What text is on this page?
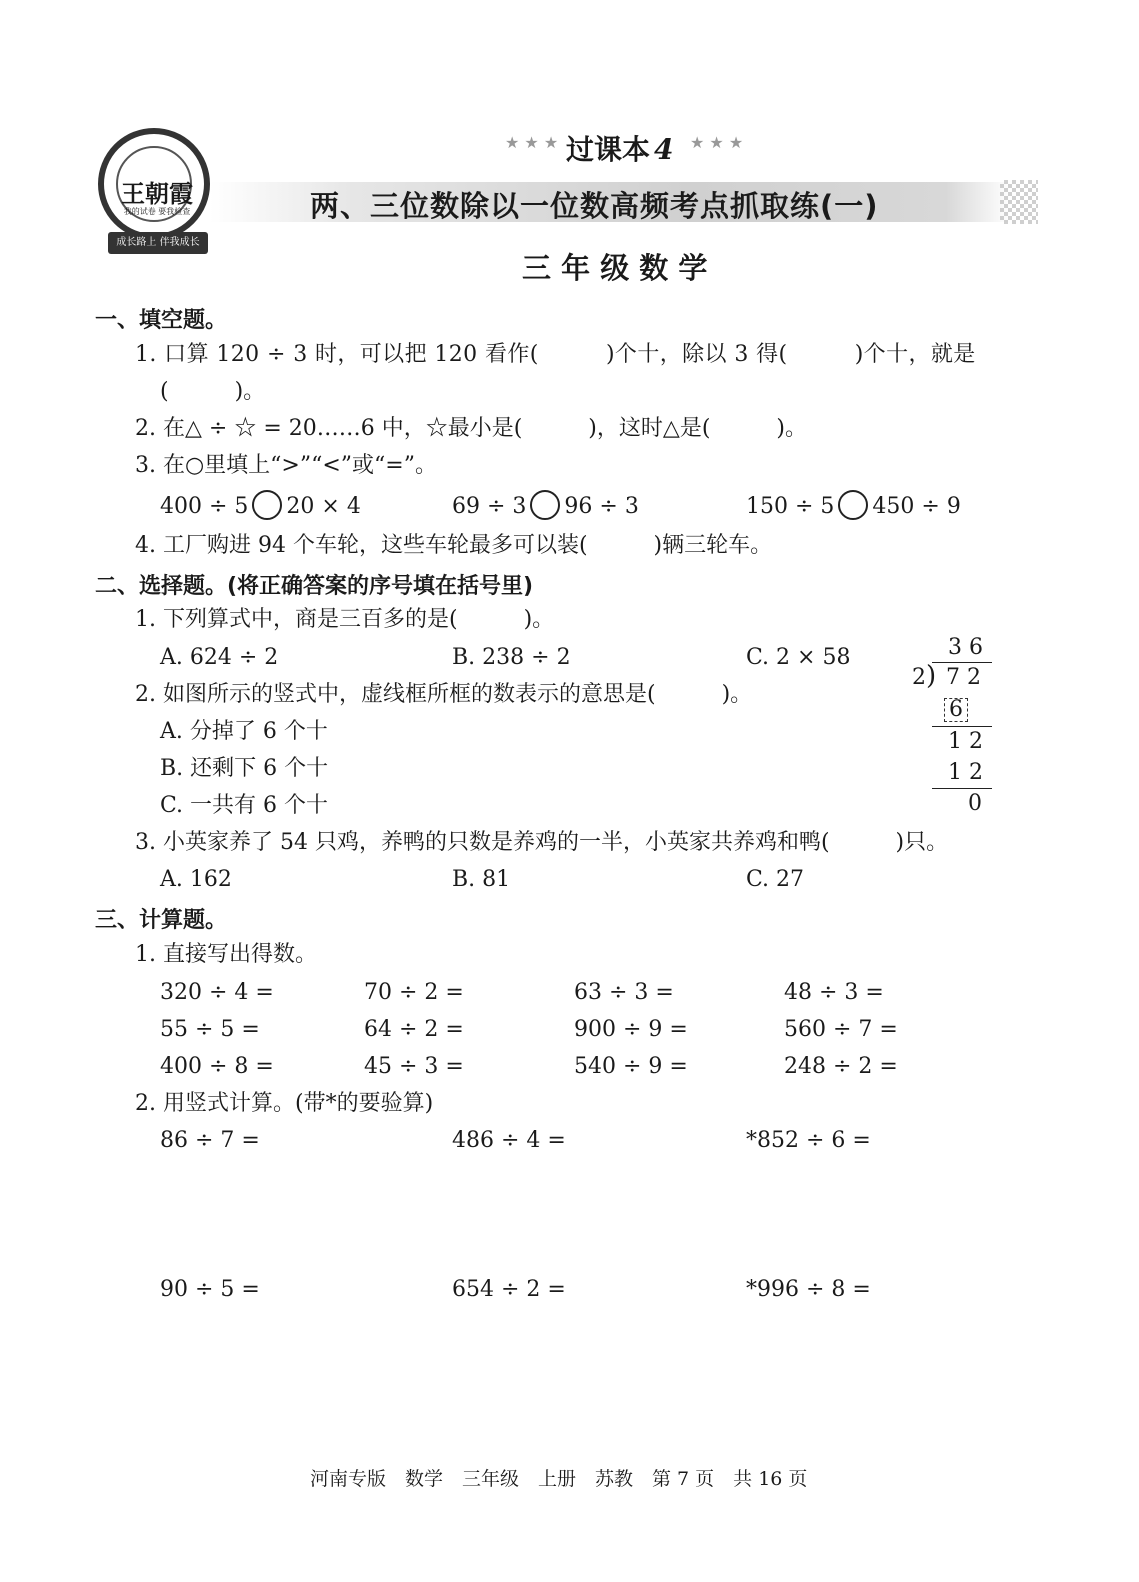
王朝霞
我的试卷 要我检查
成长路上 伴我成长
★ ★ ★ 过课本 4 ★ ★ ★
两、三位数除以一位数高频考点抓取练(一)
三 年 级 数 学
一、填空题。
1. 口算 120 ÷ 3 时，可以把 120 看作(　　　)个十，除以 3 得(　　　)个十，就是
(　　　)。
2. 在△ ÷ ☆ = 20……6 中，☆最小是(　　　)，这时△是(　　　)。
3. 在○里填上“>”“<”或“=”。
400 ÷ 5 20 × 4	69 ÷ 3 96 ÷ 3	150 ÷ 5 450 ÷ 9
4. 工厂购进 94 个车轮，这些车轮最多可以装(　　　)辆三轮车。
二、选择题。(将正确答案的序号填在括号里)
1. 下列算式中，商是三百多的是(　　　)。
A. 624 ÷ 2	B. 238 ÷ 2	C. 2 × 58
2. 如图所示的竖式中，虚线框所框的数表示的意思是(　　　)。
A. 分掉了 6 个十
B. 还剩下 6 个十
C. 一共有 6 个十
3 6
2 ) 7 2
6
1 2
1 2
0
3. 小英家养了 54 只鸡，养鸭的只数是养鸡的一半，小英家共养鸡和鸭(　　　)只。
A. 162	B. 81	C. 27
三、计算题。
1. 直接写出得数。
320 ÷ 4 =	70 ÷ 2 =	63 ÷ 3 =	48 ÷ 3 =
55 ÷ 5 =	64 ÷ 2 =	900 ÷ 9 =	560 ÷ 7 =
400 ÷ 8 =	45 ÷ 3 =	540 ÷ 9 =	248 ÷ 2 =
2. 用竖式计算。(带*的要验算)
86 ÷ 7 =	486 ÷ 4 =	*852 ÷ 6 =
90 ÷ 5 =	654 ÷ 2 =	*996 ÷ 8 =
河南专版　数学　三年级　上册　苏教　第 7 页　共 16 页
